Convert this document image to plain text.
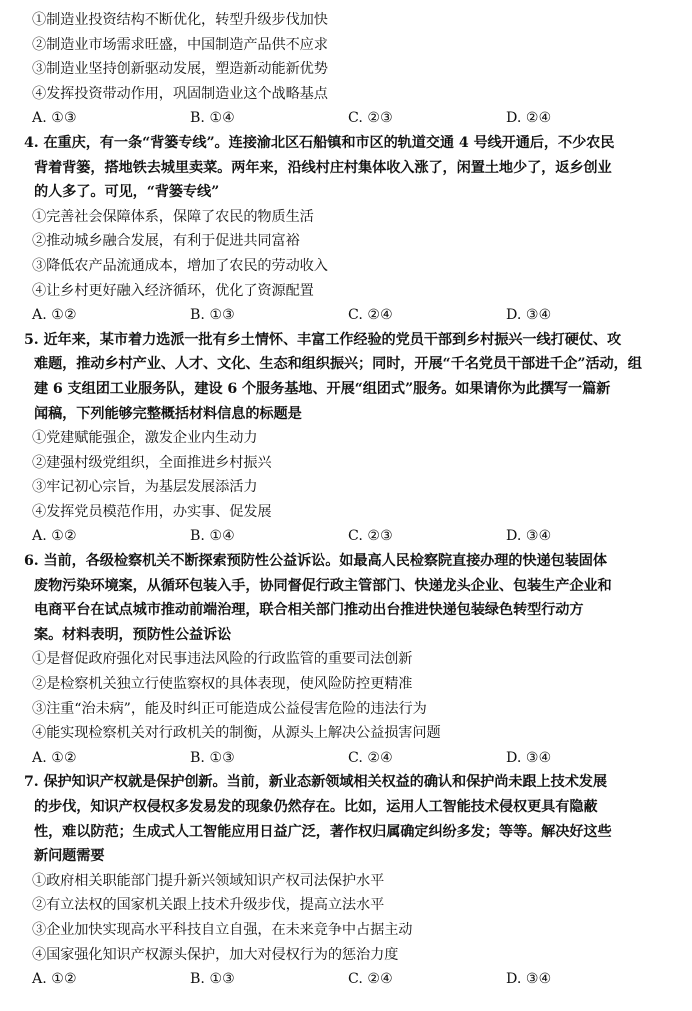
①制造业投资结构不断优化，转型升级步伐加快
②制造业市场需求旺盛，中国制造产品供不应求
③制造业坚持创新驱动发展，塑造新动能新优势
④发挥投资带动作用，巩固制造业这个战略基点
A. ①③	B. ①④	C. ②③	D. ②④
4. 在重庆，有一条“背篓专线”。连接渝北区石船镇和市区的轨道交通 4 号线开通后，不少农民
背着背篓，搭地铁去城里卖菜。两年来，沿线村庄村集体收入涨了，闲置土地少了，返乡创业
的人多了。可见，“背篓专线”
①完善社会保障体系，保障了农民的物质生活
②推动城乡融合发展，有利于促进共同富裕
③降低农产品流通成本，增加了农民的劳动收入
④让乡村更好融入经济循环，优化了资源配置
A. ①②	B. ①③	C. ②④	D. ③④
5. 近年来，某市着力选派一批有乡土情怀、丰富工作经验的党员干部到乡村振兴一线打硬仗、攻
难题，推动乡村产业、人才、文化、生态和组织振兴；同时，开展“千名党员干部进千企”活动，组
建 6 支组团工业服务队，建设 6 个服务基地、开展“组团式”服务。如果请你为此撰写一篇新
闻稿，下列能够完整概括材料信息的标题是
①党建赋能强企，激发企业内生动力
②建强村级党组织，全面推进乡村振兴
③牢记初心宗旨，为基层发展添活力
④发挥党员模范作用，办实事、促发展
A. ①②	B. ①④	C. ②③	D. ③④
6. 当前，各级检察机关不断探索预防性公益诉讼。如最高人民检察院直接办理的快递包装固体
废物污染环境案，从循环包装入手，协同督促行政主管部门、快递龙头企业、包装生产企业和
电商平台在试点城市推动前端治理，联合相关部门推动出台推进快递包装绿色转型行动方
案。材料表明，预防性公益诉讼
①是督促政府强化对民事违法风险的行政监管的重要司法创新
②是检察机关独立行使监察权的具体表现，使风险防控更精准
③注重“治未病”，能及时纠正可能造成公益侵害危险的违法行为
④能实现检察机关对行政机关的制衡，从源头上解决公益损害问题
A. ①②	B. ①③	C. ②④	D. ③④
7. 保护知识产权就是保护创新。当前，新业态新领域相关权益的确认和保护尚未跟上技术发展
的步伐，知识产权侵权多发易发的现象仍然存在。比如，运用人工智能技术侵权更具有隐蔽
性，难以防范；生成式人工智能应用日益广泛，著作权归属确定纠纷多发；等等。解决好这些
新问题需要
①政府相关职能部门提升新兴领域知识产权司法保护水平
②有立法权的国家机关跟上技术升级步伐，提高立法水平
③企业加快实现高水平科技自立自强，在未来竞争中占据主动
④国家强化知识产权源头保护，加大对侵权行为的惩治力度
A. ①②	B. ①③	C. ②④	D. ③④
